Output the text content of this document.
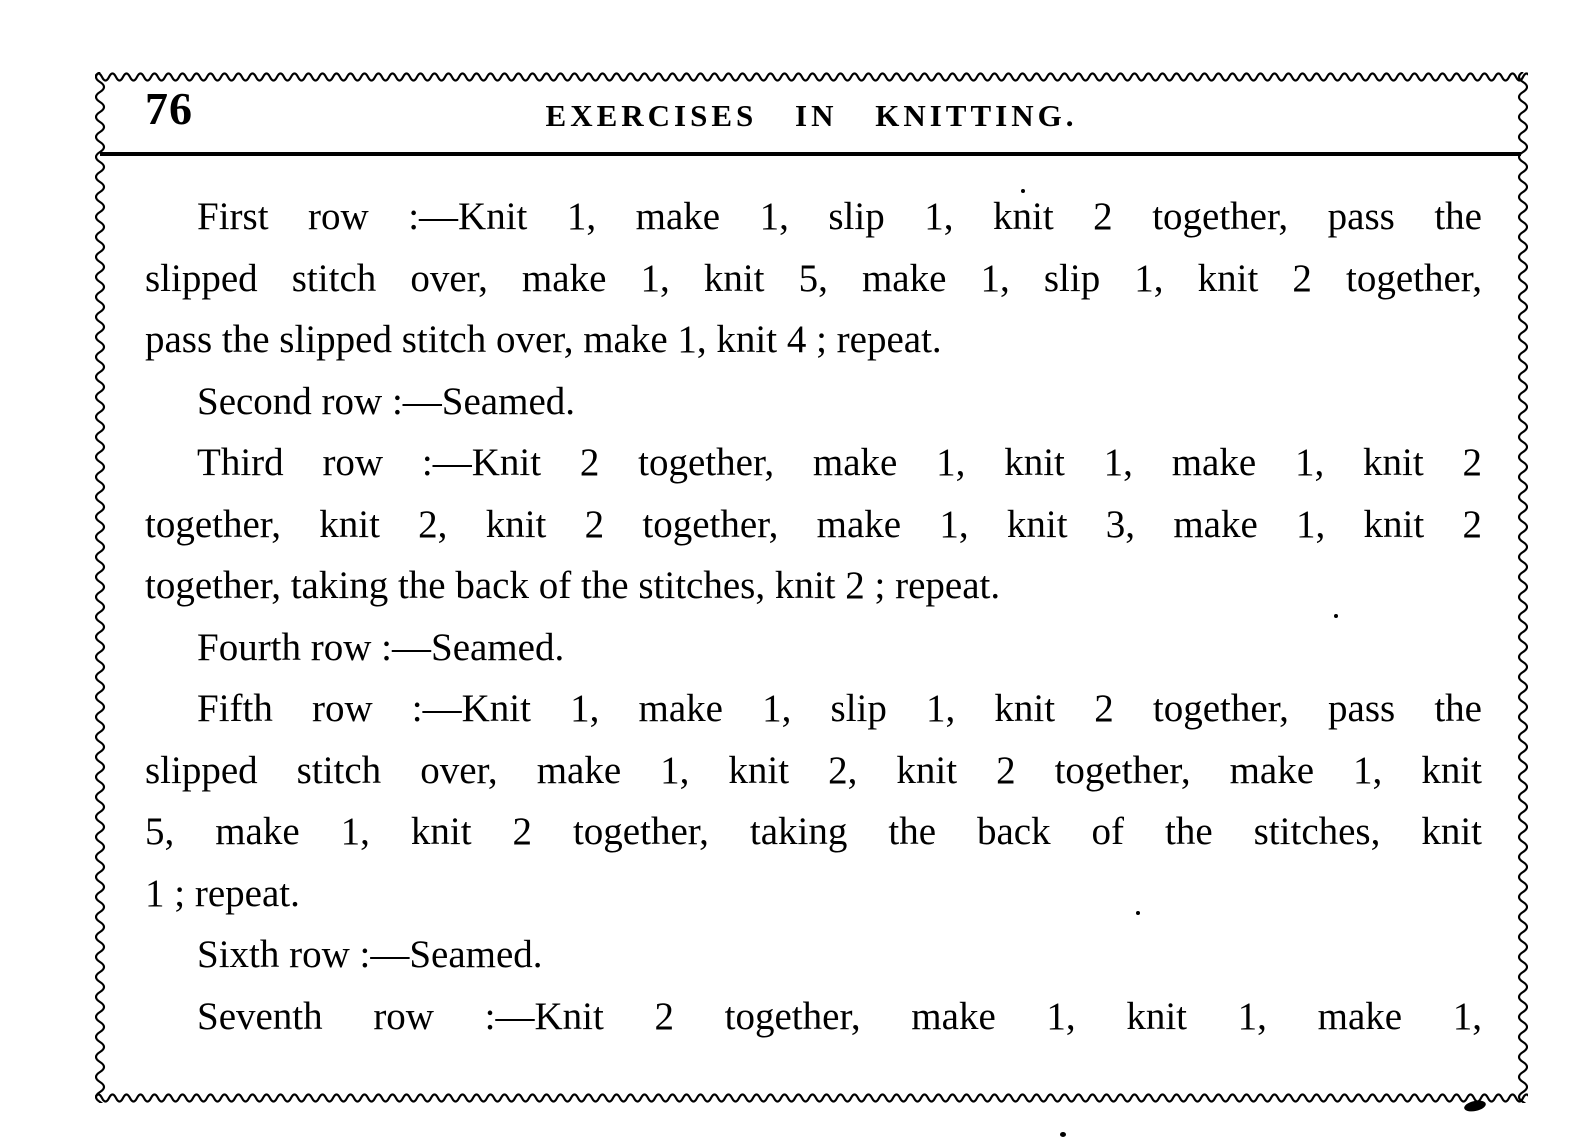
76	EXERCISES IN KNITTING.
First row :—Knit 1, make 1, slip 1, knit 2 together, pass the
slipped stitch over, make 1, knit 5, make 1, slip 1, knit 2 together,
pass the slipped stitch over, make 1, knit 4 ; repeat.
Second row :—Seamed.
Third row :—Knit 2 together, make 1, knit 1, make 1, knit 2
together, knit 2, knit 2 together, make 1, knit 3, make 1, knit 2
together, taking the back of the stitches, knit 2 ; repeat.
Fourth row :—Seamed.
Fifth row :—Knit 1, make 1, slip 1, knit 2 together, pass the
slipped stitch over, make 1, knit 2, knit 2 together, make 1, knit
5, make 1, knit 2 together, taking the back of the stitches, knit
1 ; repeat.
Sixth row :—Seamed.
Seventh row :—Knit 2 together, make 1, knit 1, make 1,
